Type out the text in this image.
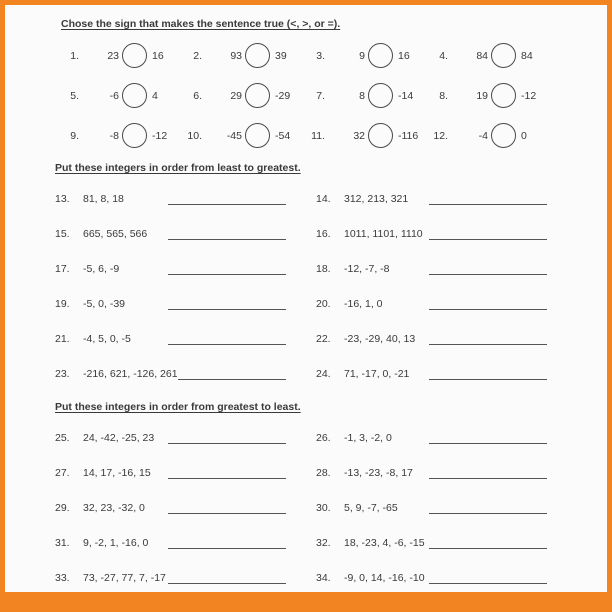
Chose the sign that makes the sentence true (<, >, or =).
1.	23	16	2.	93	39	3.	9	16	4.	84	84
5.	-6	4	6.	29	-29	7.	8	-14	8.	19	-12
9.	-8	-12	10.	-45	-54	11.	32	-116	12.	-4	0
Put these integers in order from least to greatest.
13.	81, 8, 18	14.	312, 213, 321
15.	665, 565, 566	16.	1011, 1101, 1110
17.	-5, 6, -9	18.	-12, -7, -8
19.	-5, 0, -39	20.	-16, 1, 0
21.	-4, 5, 0, -5	22.	-23, -29, 40, 13
23.	-216, 621, -126, 261	24.	71, -17, 0, -21
Put these integers in order from greatest to least.
25.	24, -42, -25, 23	26.	-1, 3, -2, 0
27.	14, 17, -16, 15	28.	-13, -23, -8, 17
29.	32, 23, -32, 0	30.	5, 9, -7, -65
31.	9, -2, 1, -16, 0	32.	18, -23, 4, -6, -15
33.	73, -27, 77, 7, -17	34.	-9, 0, 14, -16, -10
